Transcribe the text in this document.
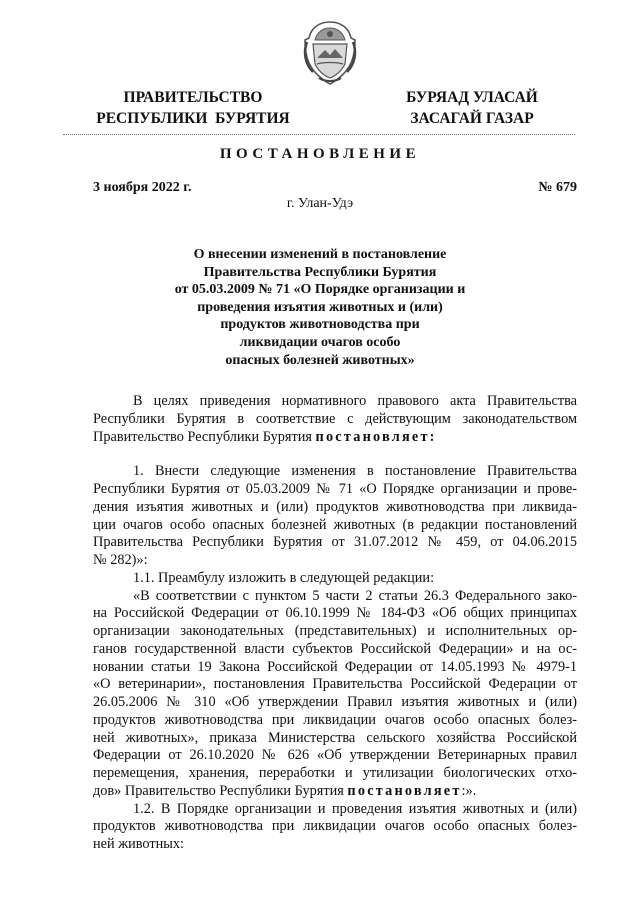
ПРАВИТЕЛЬСТВО
РЕСПУБЛИКИ  БУРЯТИЯ
БУРЯАД УЛАСАЙ
ЗАСАГАЙ ГАЗАР
ПОСТАНОВЛЕНИЕ
3 ноября 2022 г.	№ 679
г. Улан-Удэ
О внесении изменений в постановление
Правительства Республики Бурятия
от 05.03.2009 № 71 «О Порядке организации и
проведения изъятия животных и (или)
продуктов животноводства при
ликвидации очагов особо
опасных болезней животных»
В целях приведения нормативного правового акта Правительства
Республики Бурятия в соответствие с действующим законодательством
Правительство Республики Бурятия постановляет:
1. Внести следующие изменения в постановление Правительства
Республики Бурятия от 05.03.2009 № 71 «О Порядке организации и прове-
дения изъятия животных и (или) продуктов животноводства при ликвида-
ции очагов особо опасных болезней животных (в редакции постановлений
Правительства Республики Бурятия от 31.07.2012 № 459, от 04.06.2015
№ 282)»:
1.1. Преамбулу изложить в следующей редакции:
«В соответствии с пунктом 5 части 2 статьи 26.3 Федерального зако-
на Российской Федерации от 06.10.1999 № 184-ФЗ «Об общих принципах
организации законодательных (представительных) и исполнительных ор-
ганов государственной власти субъектов Российской Федерации» и на ос-
новании статьи 19 Закона Российской Федерации от 14.05.1993 № 4979-1
«О ветеринарии», постановления Правительства Российской Федерации от
26.05.2006 № 310 «Об утверждении Правил изъятия животных и (или)
продуктов животноводства при ликвидации очагов особо опасных болез-
ней животных», приказа Министерства сельского хозяйства Российской
Федерации от 26.10.2020 № 626 «Об утверждении Ветеринарных правил
перемещения, хранения, переработки и утилизации биологических отхо-
дов» Правительство Республики Бурятия постановляет:».
1.2. В Порядке организации и проведения изъятия животных и (или)
продуктов животноводства при ликвидации очагов особо опасных болез-
ней животных:
